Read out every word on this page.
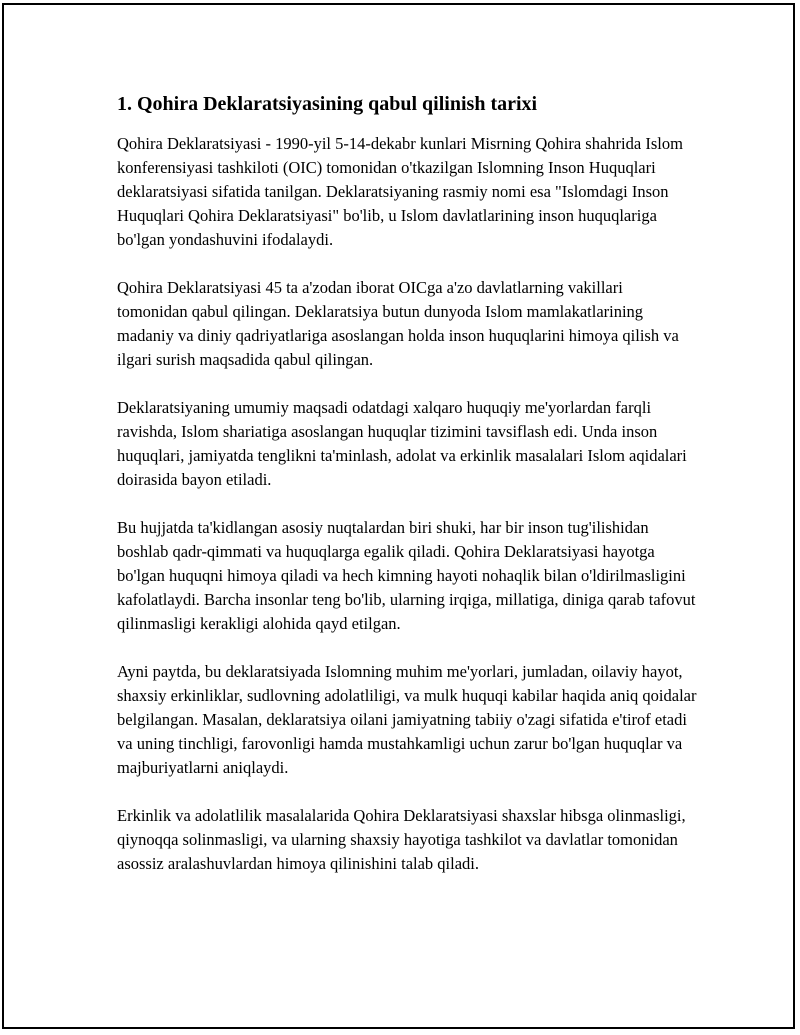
1. Qohira Deklaratsiyasining qabul qilinish tarixi

Qohira Deklaratsiyasi - 1990-yil 5-14-dekabr kunlari Misrning Qohira shahrida Islom konferensiyasi tashkiloti (OIC) tomonidan o'tkazilgan Islomning Inson Huquqlari deklaratsiyasi sifatida tanilgan. Deklaratsiyaning rasmiy nomi esa "Islomdagi Inson Huquqlari Qohira Deklaratsiyasi" bo'lib, u Islom davlatlarining inson huquqlariga bo'lgan yondashuvini ifodalaydi.

Qohira Deklaratsiyasi 45 ta a'zodan iborat OICga a'zo davlatlarning vakillari tomonidan qabul qilingan. Deklaratsiya butun dunyoda Islom mamlakatlarining madaniy va diniy qadriyatlariga asoslangan holda inson huquqlarini himoya qilish va ilgari surish maqsadida qabul qilingan.

Deklaratsiyaning umumiy maqsadi odatdagi xalqaro huquqiy me'yorlardan farqli ravishda, Islom shariatiga asoslangan huquqlar tizimini tavsiflash edi. Unda inson huquqlari, jamiyatda tenglikni ta'minlash, adolat va erkinlik masalalari Islom aqidalari doirasida bayon etiladi.

Bu hujjatda ta'kidlangan asosiy nuqtalardan biri shuki, har bir inson tug'ilishidan boshlab qadr-qimmati va huquqlarga egalik qiladi. Qohira Deklaratsiyasi hayotga bo'lgan huquqni himoya qiladi va hech kimning hayoti nohaqlik bilan o'ldirilmasligini kafolatlaydi. Barcha insonlar teng bo'lib, ularning irqiga, millatiga, diniga qarab tafovut qilinmasligi kerakligi alohida qayd etilgan.

Ayni paytda, bu deklaratsiyada Islomning muhim me'yorlari, jumladan, oilaviy hayot, shaxsiy erkinliklar, sudlovning adolatliligi, va mulk huquqi kabilar haqida aniq qoidalar belgilangan. Masalan, deklaratsiya oilani jamiyatning tabiiy o'zagi sifatida e'tirof etadi va uning tinchligi, farovonligi hamda mustahkamligi uchun zarur bo'lgan huquqlar va majburiyatlarni aniqlaydi.

Erkinlik va adolatlilik masalalarida Qohira Deklaratsiyasi shaxslar hibsga olinmasligi, qiynoqqa solinmasligi, va ularning shaxsiy hayotiga tashkilot va davlatlar tomonidan asossiz aralashuvlardan himoya qilinishini talab qiladi.
